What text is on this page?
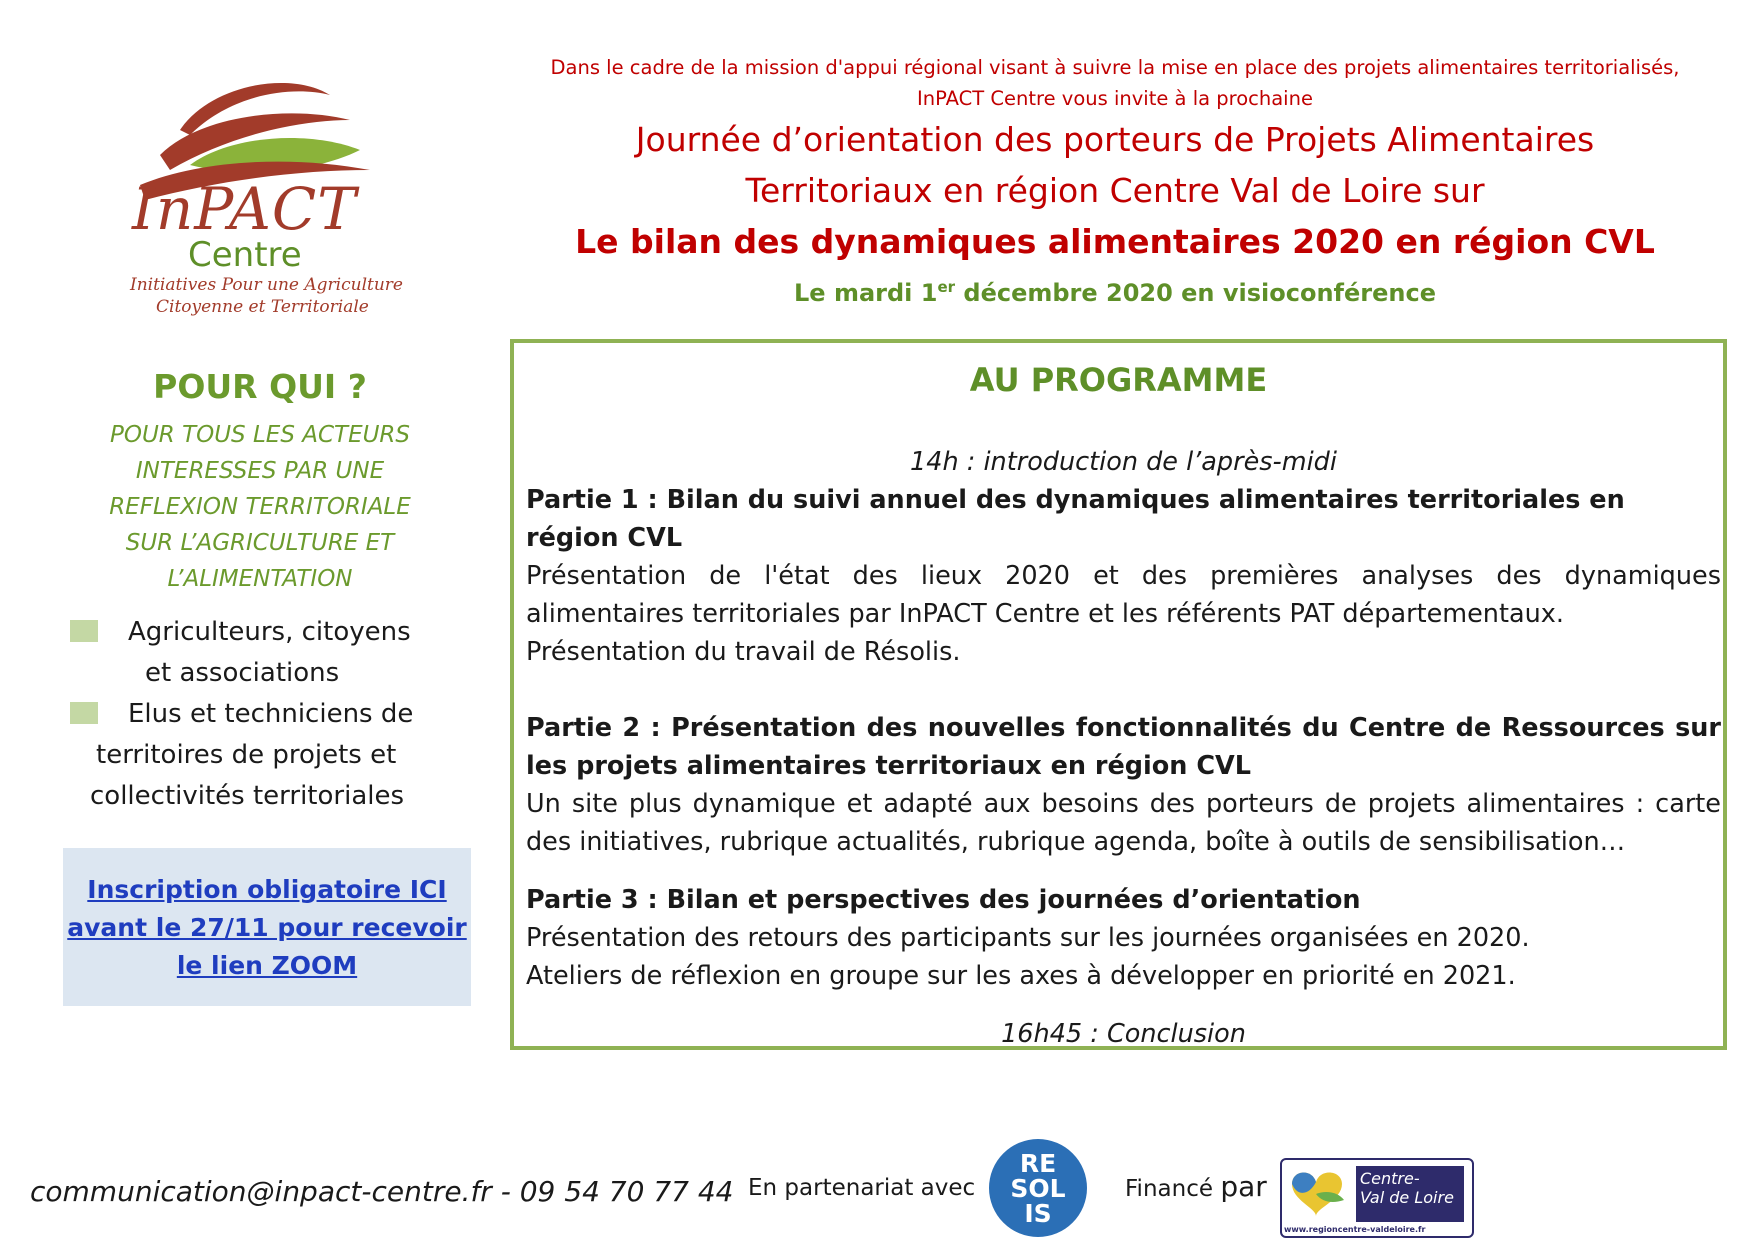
InPACT
Centre
Initiatives Pour une Agriculture
Citoyenne et Territoriale
Dans le cadre de la mission d'appui régional visant à suivre la mise en place des projets alimentaires territorialisés,
InPACT Centre vous invite à la prochaine
Journée d’orientation des porteurs de Projets Alimentaires
Territoriaux en région Centre Val de Loire sur
Le bilan des dynamiques alimentaires 2020 en région CVL
Le mardi 1er décembre 2020 en visioconférence
POUR QUI ?
POUR TOUS LES ACTEURS
INTERESSES PAR UNE
REFLEXION TERRITORIALE
SUR L’AGRICULTURE ET
L’ALIMENTATION
Agriculteurs, citoyens
et associations
Elus et techniciens de
territoires de projets et
collectivités territoriales
Inscription obligatoire ICI
avant le 27/11 pour recevoir
le lien ZOOM
AU PROGRAMME
14h : introduction de l’après-midi
Partie 1 : Bilan du suivi annuel des dynamiques alimentaires territoriales en région CVL
Présentation de l'état des lieux 2020 et des premières analyses des dynamiques alimentaires territoriales par InPACT Centre et les référents PAT départementaux.
Présentation du travail de Résolis.
Partie 2 : Présentation des nouvelles fonctionnalités du Centre de Ressources sur les projets alimentaires territoriaux en région CVL
Un site plus dynamique et adapté aux besoins des porteurs de projets alimentaires : carte des initiatives, rubrique actualités, rubrique agenda, boîte à outils de sensibilisation…
Partie 3 : Bilan et perspectives des journées d’orientation
Présentation des retours des participants sur les journées organisées en 2020.
Ateliers de réflexion en groupe sur les axes à développer en priorité en 2021.
16h45 : Conclusion
communication@inpact-centre.fr - 09 54 70 77 44 En partenariat avec
RE
SOL
IS
Financé par	Centre-
Val de Loire
www.regioncentre-valdeloire.fr
